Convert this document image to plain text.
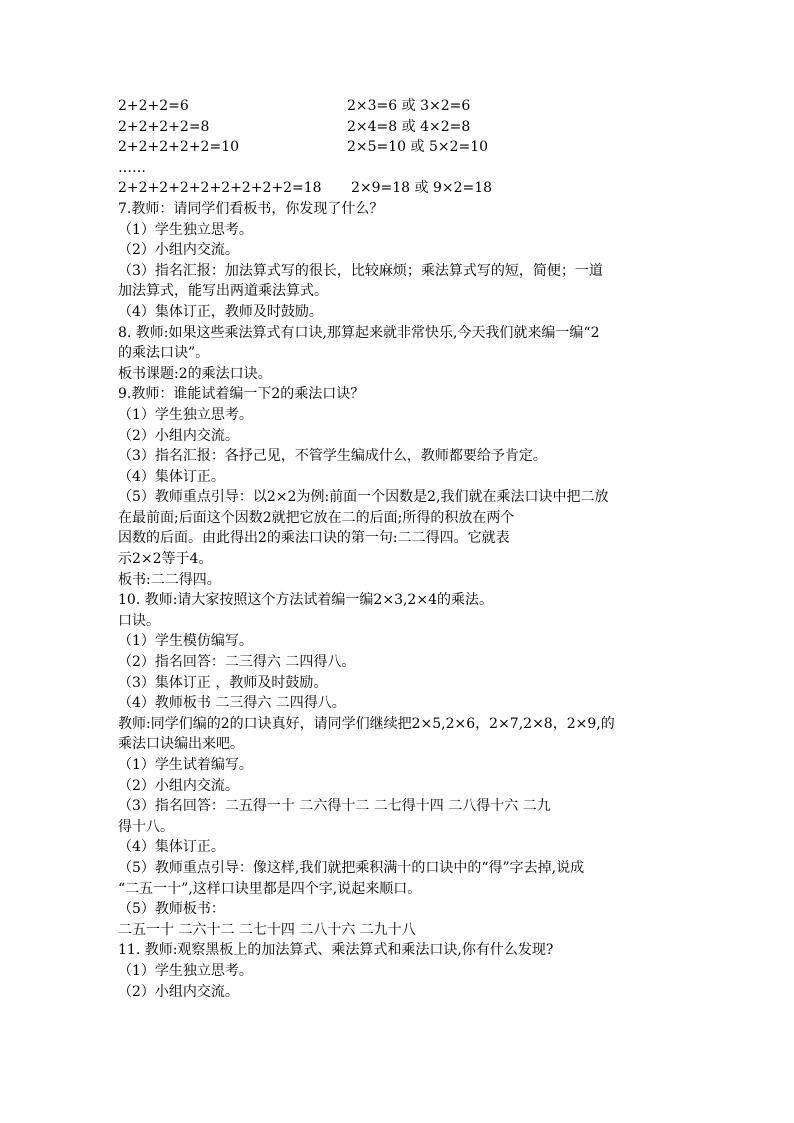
2+2+2=6	2×3=6 或 3×2=6
2+2+2+2=8	2×4=8 或 4×2=8
2+2+2+2+2=10	2×5=10 或 5×2=10
……
2+2+2+2+2+2+2+2+2=18 2×9=18 或 9×2=18
7.教师：请同学们看板书，你发现了什么？
（1）学生独立思考。
（2）小组内交流。
（3）指名汇报：加法算式写的很长，比较麻烦；乘法算式写的短，简便；一道
加法算式，能写出两道乘法算式。
（4）集体订正，教师及时鼓励。
8. 教师:如果这些乘法算式有口诀,那算起来就非常快乐,今天我们就来编一编“2
的乘法口诀”。
板书课题:2的乘法口诀。
9.教师：谁能试着编一下2的乘法口诀？
（1）学生独立思考。
（2）小组内交流。
（3）指名汇报：各抒己见，不管学生编成什么，教师都要给予肯定。
（4）集体订正。
（5）教师重点引导：以2×2为例:前面一个因数是2,我们就在乘法口诀中把二放
在最前面;后面这个因数2就把它放在二的后面;所得的积放在两个
因数的后面。由此得出2的乘法口诀的第一句:二二得四。它就表
示2×2等于4。
板书:二二得四。
10. 教师:请大家按照这个方法试着编一编2×3,2×4的乘法。
口诀。
（1）学生模仿编写。
（2）指名回答：二三得六 二四得八。
（3）集体订正 ，教师及时鼓励。
（4）教师板书 二三得六 二四得八。
教师:同学们编的2的口诀真好，请同学们继续把2×5,2×6，2×7,2×8，2×9,的
乘法口诀编出来吧。
（1）学生试着编写。
（2）小组内交流。
（3）指名回答：二五得一十 二六得十二 二七得十四 二八得十六 二九
得十八。
（4）集体订正。
（5）教师重点引导：像这样,我们就把乘积满十的口诀中的“得”字去掉,说成
“二五一十”,这样口诀里都是四个字,说起来顺口。
（5）教师板书：
二五一十 二六十二 二七十四 二八十六 二九十八
11. 教师:观察黑板上的加法算式、乘法算式和乘法口诀,你有什么发现?
（1）学生独立思考。
（2）小组内交流。
